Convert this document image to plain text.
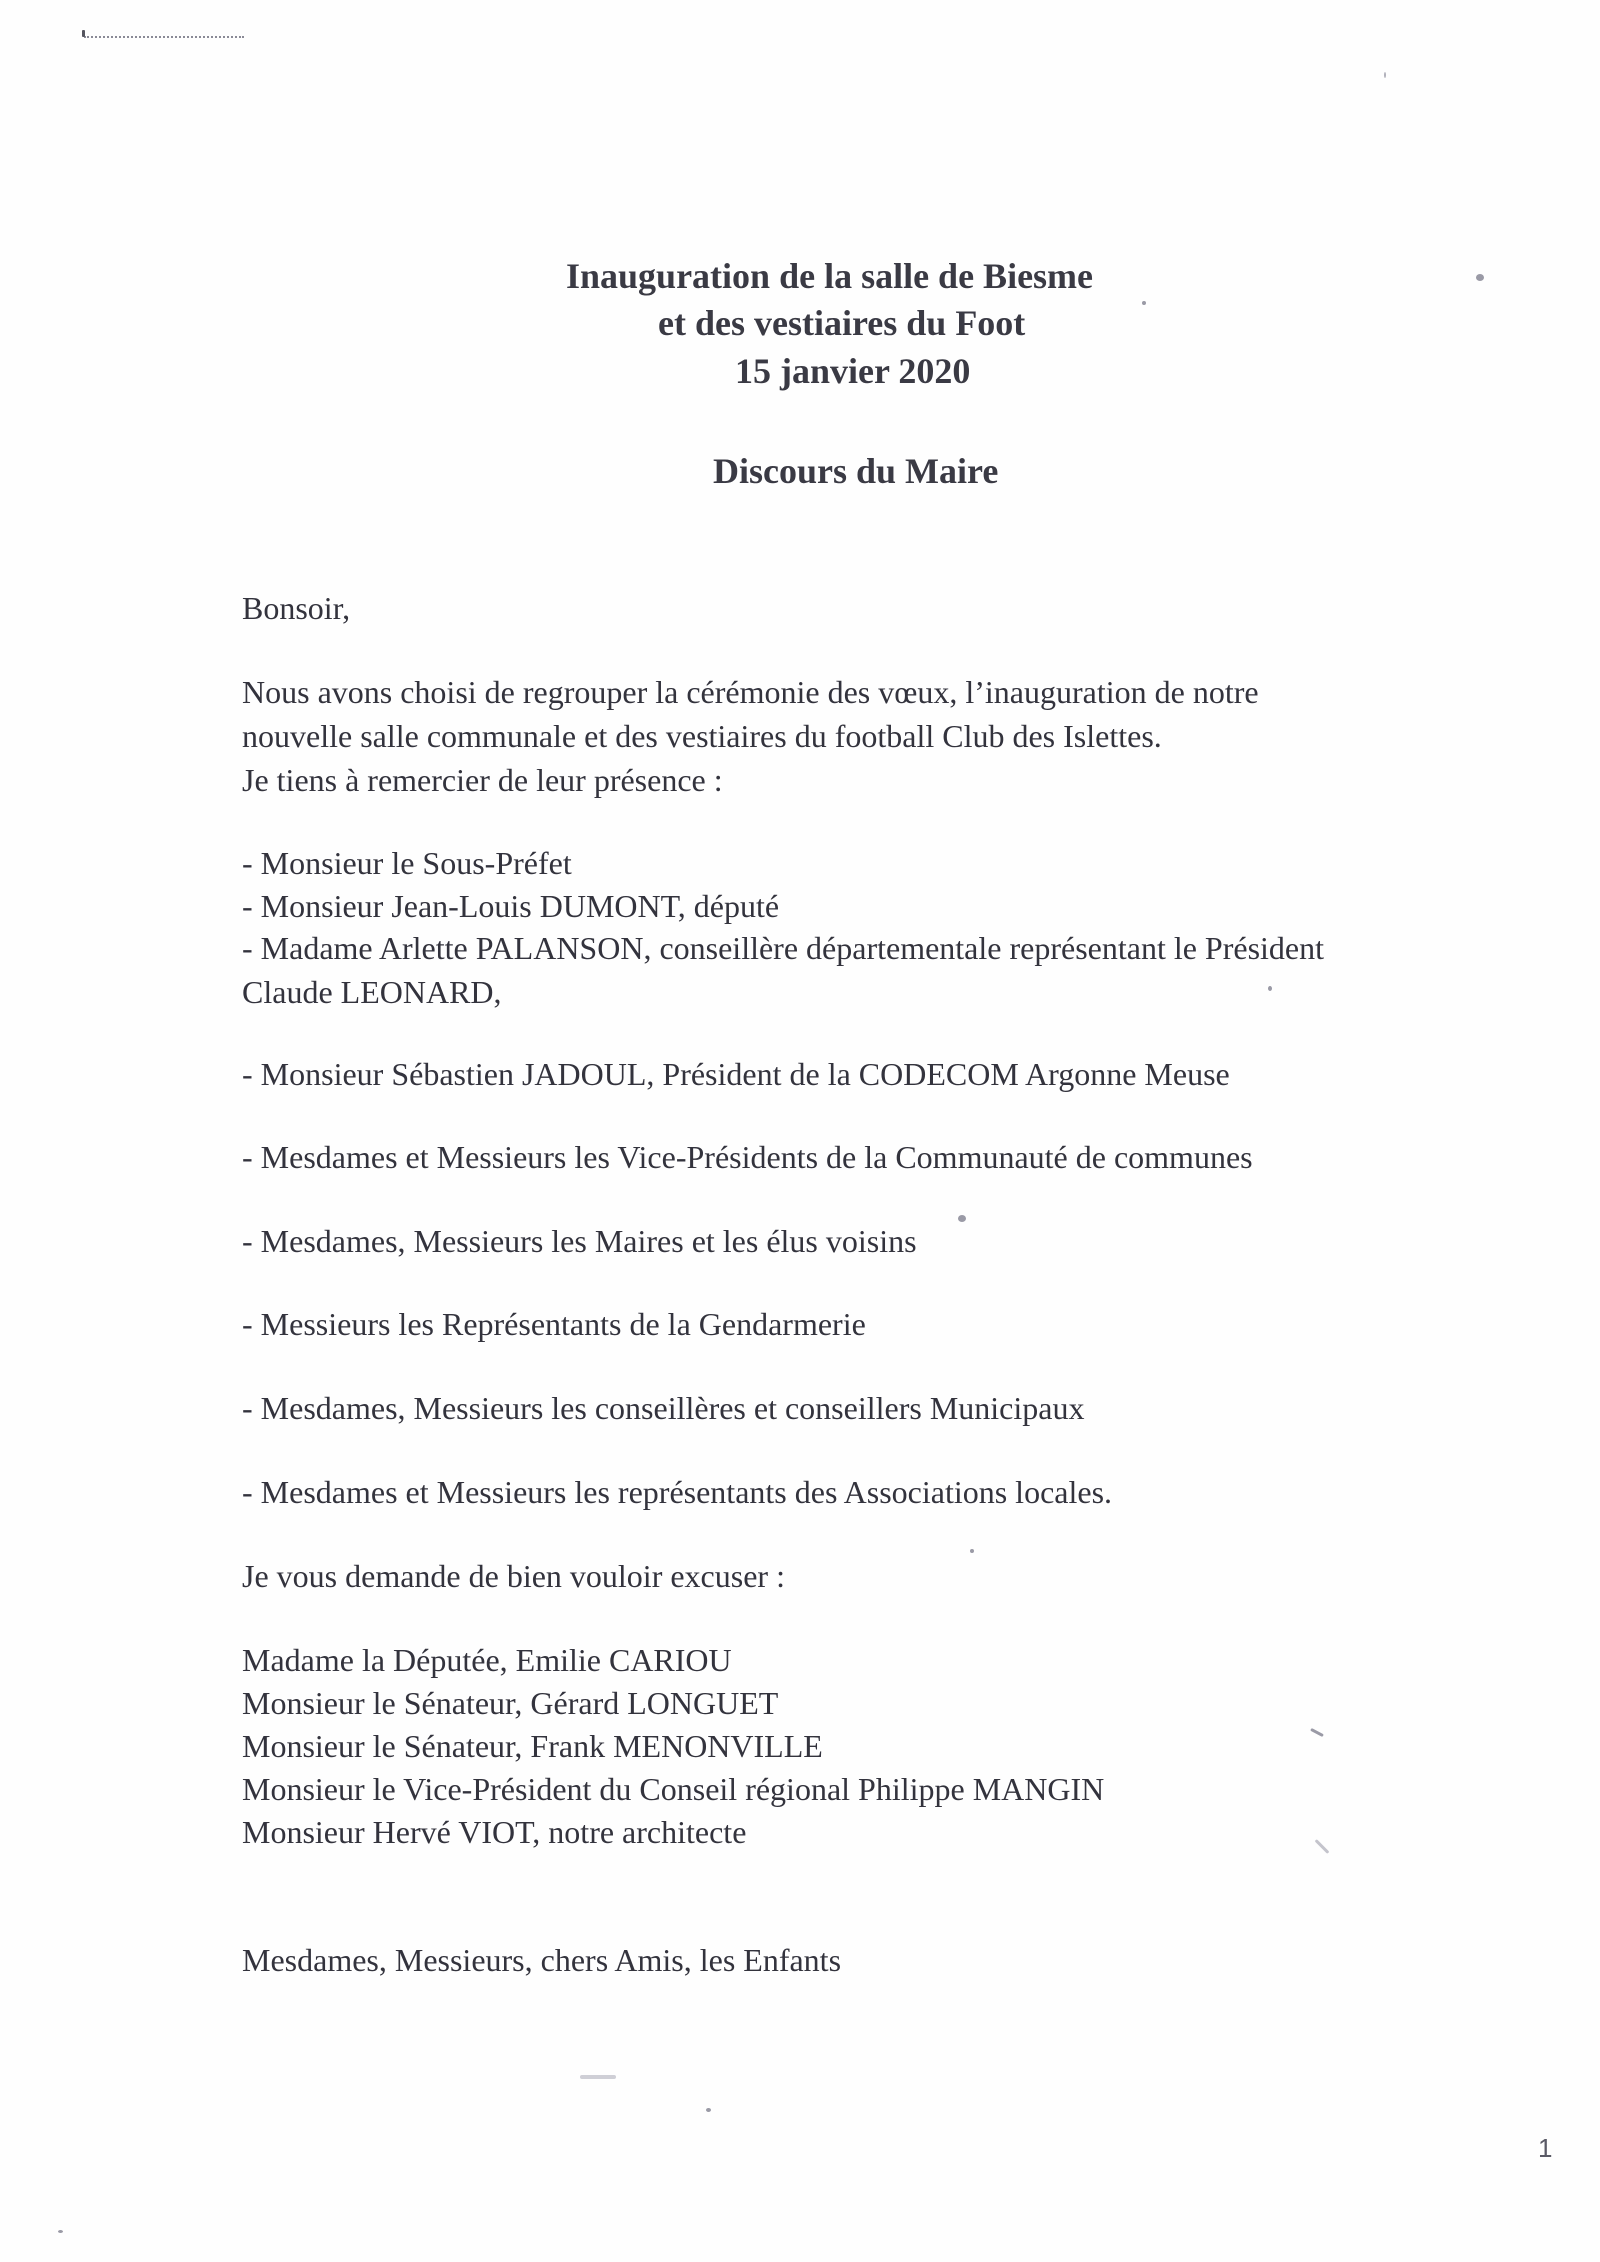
Inauguration de la salle de Biesme
et des vestiaires du Foot
15 janvier 2020
Discours du Maire
Bonsoir,
Nous avons choisi de regrouper la cérémonie des vœux, l’inauguration de notre
nouvelle salle communale et des vestiaires du football Club des Islettes.
Je tiens à remercier de leur présence :
- Monsieur le Sous-Préfet
- Monsieur Jean-Louis DUMONT, député
- Madame Arlette PALANSON, conseillère départementale représentant le Président
Claude LEONARD,
- Monsieur Sébastien JADOUL, Président de la CODECOM Argonne Meuse
- Mesdames et Messieurs les Vice-Présidents de la Communauté de communes
- Mesdames, Messieurs les Maires et les élus voisins
- Messieurs les Représentants de la Gendarmerie
- Mesdames, Messieurs les conseillères et conseillers Municipaux
- Mesdames et Messieurs les représentants des Associations locales.
Je vous demande de bien vouloir excuser :
Madame la Députée, Emilie CARIOU
Monsieur le Sénateur, Gérard LONGUET
Monsieur le Sénateur, Frank MENONVILLE
Monsieur le Vice-Président du Conseil régional Philippe MANGIN
Monsieur Hervé VIOT, notre architecte
Mesdames, Messieurs, chers Amis, les Enfants
1
